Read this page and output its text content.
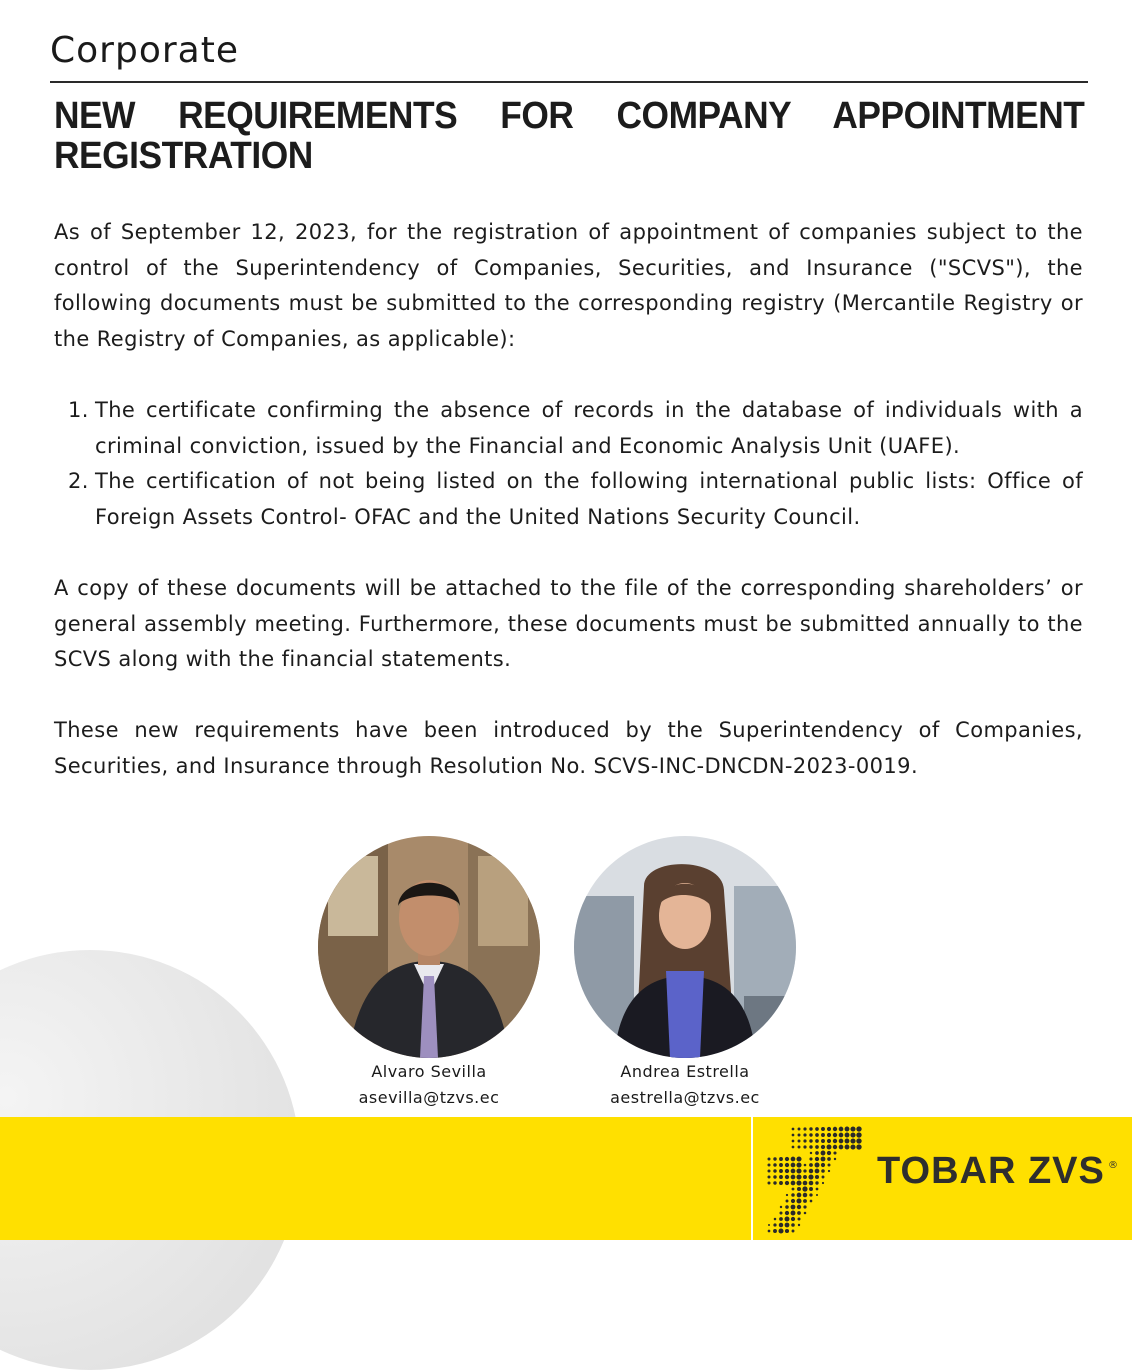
Corporate
NEW REQUIREMENTS FOR COMPANY APPOINTMENT REGISTRATION

As of September 12, 2023, for the registration of appointment of companies subject to the control of the Superintendency of Companies, Securities, and Insurance ("SCVS"), the following documents must be submitted to the corresponding registry (Mercantile Registry or the Registry of Companies, as applicable):

1. The certificate confirming the absence of records in the database of individuals with a criminal conviction, issued by the Financial and Economic Analysis Unit (UAFE).
2. The certification of not being listed on the following international public lists: Office of Foreign Assets Control- OFAC and the United Nations Security Council.

A copy of these documents will be attached to the file of the corresponding shareholders’ or general assembly meeting. Furthermore, these documents must be submitted annually to the SCVS along with the financial statements.

These new requirements have been introduced by the Superintendency of Companies, Securities, and Insurance through Resolution No. SCVS-INC-DNCDN-2023-0019.

Alvaro Sevilla
asevilla@tzvs.ec
Andrea Estrella
aestrella@tzvs.ec
TOBAR ZVS ®
